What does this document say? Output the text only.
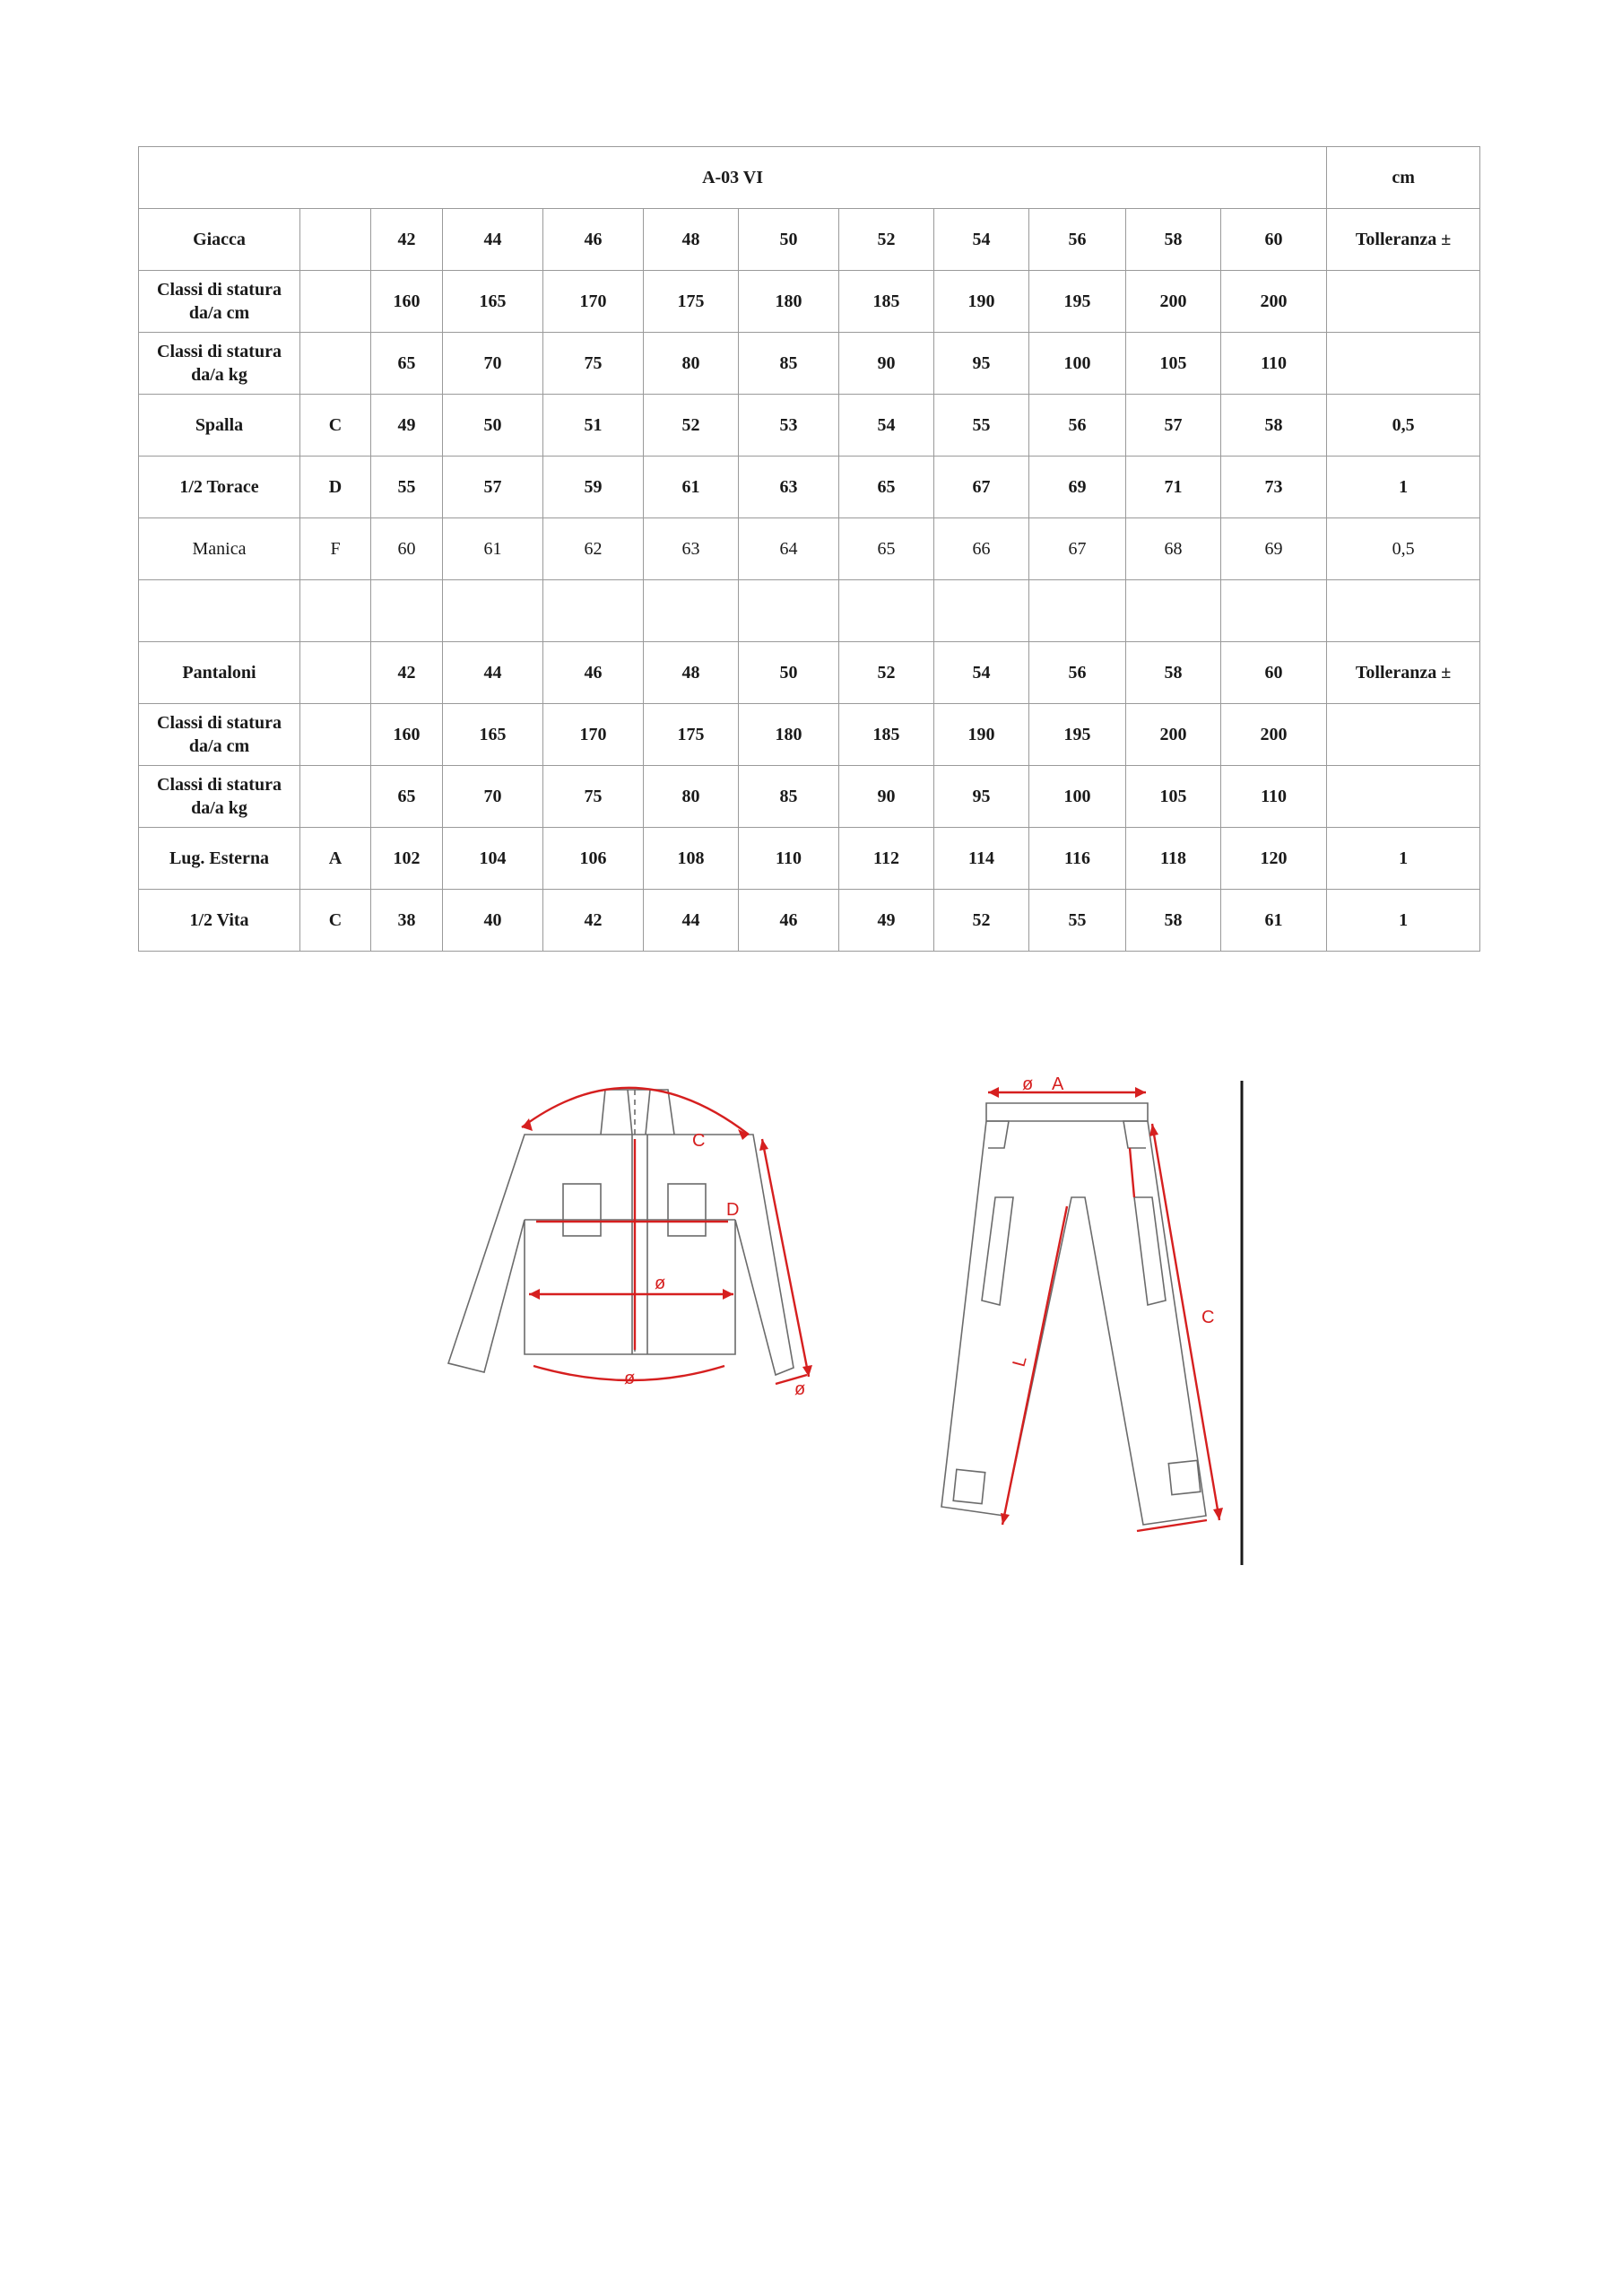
A-03 VI												cm
Giacca		42	44	46	48	50	52	54	56	58	60	Tolleranza ±
Classi di statura
da/a cm		160	165	170	175	180	185	190	195	200	200	
Classi di statura
da/a kg		65	70	75	80	85	90	95	100	105	110	
Spalla	C	49	50	51	52	53	54	55	56	57	58	0,5
1/2 Torace	D	55	57	59	61	63	65	67	69	71	73	1
Manica	F	60	61	62	63	64	65	66	67	68	69	0,5

Pantaloni		42	44	46	48	50	52	54	56	58	60	Tolleranza ±
Classi di statura
da/a cm		160	165	170	175	180	185	190	195	200	200	
Classi di statura
da/a kg		65	70	75	80	85	90	95	100	105	110	
Lug. Esterna	A	102	104	106	108	110	112	114	116	118	120	1
1/2 Vita	C	38	40	42	44	46	49	52	55	58	61	1
C
D
ø
ø
ø
ø A
C
L
